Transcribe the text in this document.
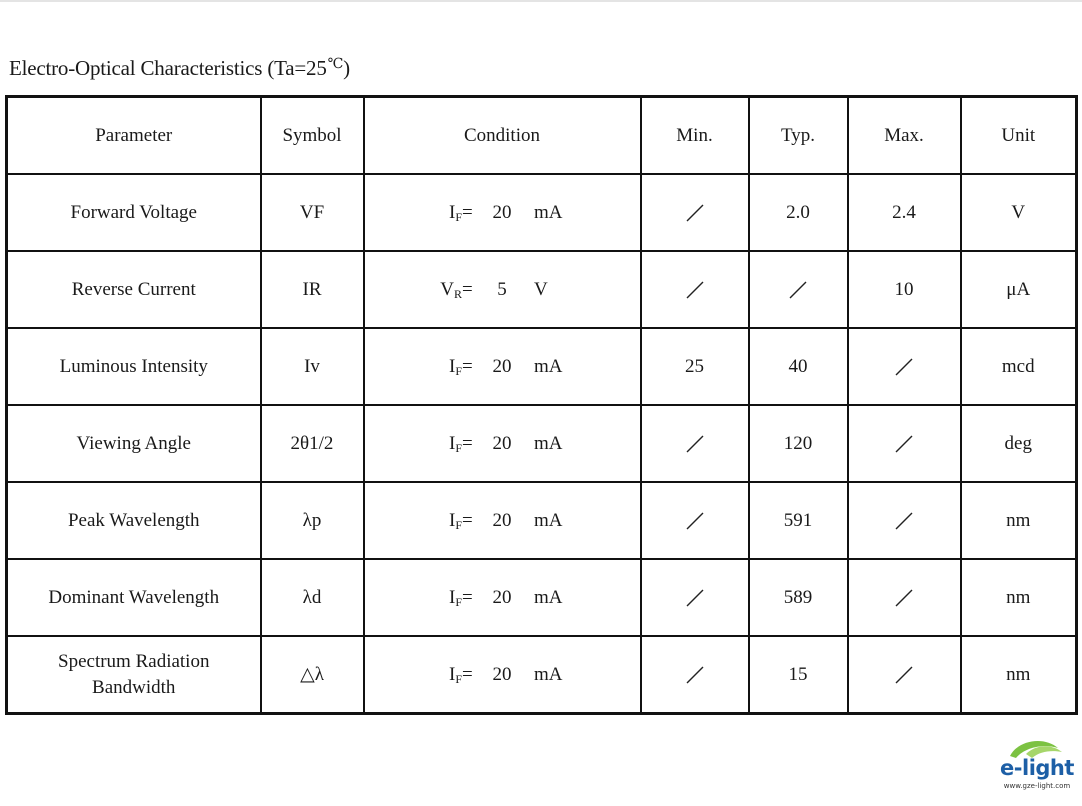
Electro-Optical Characteristics (Ta=25℃)
Parameter	Symbol	Condition	Min.	Typ.	Max.	Unit
Forward Voltage	VF	$I_F = 20$ mA		2.0	2.4	V
Reverse Current	IR	$V_R = 5$ V			10	μA
Luminous Intensity	Iv	$I_F = 20$ mA	25	40		mcd
Viewing Angle	2θ1/2	$I_F = 20$ mA		120		deg
Peak Wavelength	λp	$I_F = 20$ mA		591		nm
Dominant Wavelength	λd	$I_F = 20$ mA		589		nm
Spectrum Radiation
Bandwidth	△λ	$I_F = 20$ mA		15		nm
e-light
www.gze-light.com
